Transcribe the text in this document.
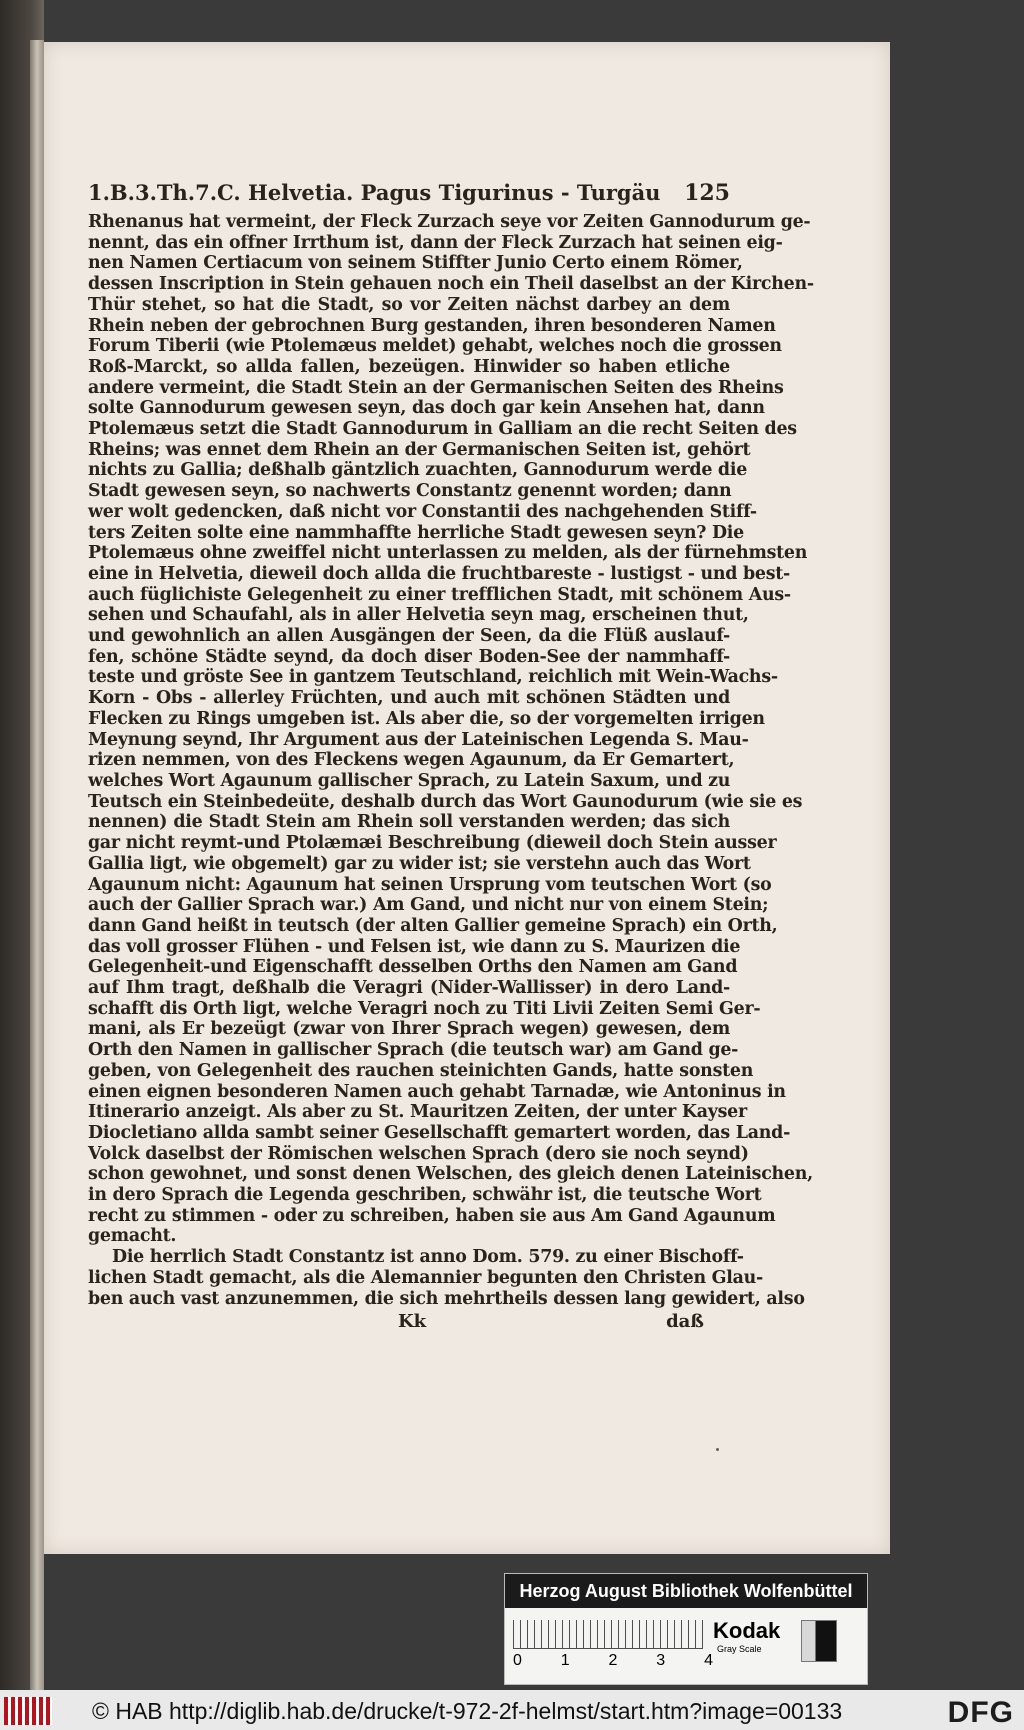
1.B.3.Th.7.C. Helvetia. Pagus Tigurinus - Turgäu 125
Rhenanus hat vermeint, der Fleck Zurzach seye vor Zeiten Gannodurum ge-
nennt, das ein offner Irrthum ist, dann der Fleck Zurzach hat seinen eig-
nen Namen Certiacum von seinem Stiffter Junio Certo einem Römer,
dessen Inscription in Stein gehauen noch ein Theil daselbst an der Kirchen-
Thür stehet, so hat die Stadt, so vor Zeiten nächst darbey an dem
Rhein neben der gebrochnen Burg gestanden, ihren besonderen Namen
Forum Tiberii (wie Ptolemæus meldet) gehabt, welches noch die grossen
Roß-Marckt, so allda fallen, bezeügen. Hinwider so haben etliche
andere vermeint, die Stadt Stein an der Germanischen Seiten des Rheins
solte Gannodurum gewesen seyn, das doch gar kein Ansehen hat, dann
Ptolemæus setzt die Stadt Gannodurum in Galliam an die recht Seiten des
Rheins; was ennet dem Rhein an der Germanischen Seiten ist, gehört
nichts zu Gallia; deßhalb gäntzlich zuachten, Gannodurum werde die
Stadt gewesen seyn, so nachwerts Constantz genennt worden; dann
wer wolt gedencken, daß nicht vor Constantii des nachgehenden Stiff-
ters Zeiten solte eine nammhaffte herrliche Stadt gewesen seyn? Die
Ptolemæus ohne zweiffel nicht unterlassen zu melden, als der fürnehmsten
eine in Helvetia, dieweil doch allda die fruchtbareste - lustigst - und best-
auch füglichiste Gelegenheit zu einer trefflichen Stadt, mit schönem Aus-
sehen und Schaufahl, als in aller Helvetia seyn mag, erscheinen thut,
und gewohnlich an allen Ausgängen der Seen, da die Flüß auslauf-
fen, schöne Städte seynd, da doch diser Boden-See der nammhaff-
teste und gröste See in gantzem Teutschland, reichlich mit Wein-Wachs-
Korn - Obs - allerley Früchten, und auch mit schönen Städten und
Flecken zu Rings umgeben ist. Als aber die, so der vorgemelten irrigen
Meynung seynd, Ihr Argument aus der Lateinischen Legenda S. Mau-
rizen nemmen, von des Fleckens wegen Agaunum, da Er Gemartert,
welches Wort Agaunum gallischer Sprach, zu Latein Saxum, und zu
Teutsch ein Steinbedeüte, deshalb durch das Wort Gaunodurum (wie sie es
nennen) die Stadt Stein am Rhein soll verstanden werden; das sich
gar nicht reymt-und Ptolæmæi Beschreibung (dieweil doch Stein ausser
Gallia ligt, wie obgemelt) gar zu wider ist; sie verstehn auch das Wort
Agaunum nicht: Agaunum hat seinen Ursprung vom teutschen Wort (so
auch der Gallier Sprach war.) Am Gand, und nicht nur von einem Stein;
dann Gand heißt in teutsch (der alten Gallier gemeine Sprach) ein Orth,
das voll grosser Flühen - und Felsen ist, wie dann zu S. Maurizen die
Gelegenheit-und Eigenschafft desselben Orths den Namen am Gand
auf Ihm tragt, deßhalb die Veragri (Nider-Wallisser) in dero Land-
schafft dis Orth ligt, welche Veragri noch zu Titi Livii Zeiten Semi Ger-
mani, als Er bezeügt (zwar von Ihrer Sprach wegen) gewesen, dem
Orth den Namen in gallischer Sprach (die teutsch war) am Gand ge-
geben, von Gelegenheit des rauchen steinichten Gands, hatte sonsten
einen eignen besonderen Namen auch gehabt Tarnadæ, wie Antoninus in
Itinerario anzeigt. Als aber zu St. Mauritzen Zeiten, der unter Kayser
Diocletiano allda sambt seiner Gesellschafft gemartert worden, das Land-
Volck daselbst der Römischen welschen Sprach (dero sie noch seynd)
schon gewohnet, und sonst denen Welschen, des gleich denen Lateinischen,
in dero Sprach die Legenda geschriben, schwähr ist, die teutsche Wort
recht zu stimmen - oder zu schreiben, haben sie aus Am Gand Agaunum
gemacht.
Die herrlich Stadt Constantz ist anno Dom. 579. zu einer Bischoff-
lichen Stadt gemacht, als die Alemannier begunten den Christen Glau-
ben auch vast anzunemmen, die sich mehrtheils dessen lang gewidert, also
Kk	daß
Herzog August Bibliothek Wolfenbüttel
0 1 2 3 4
Kodak
Gray Scale
© HAB http://diglib.hab.de/drucke/t-972-2f-helmst/start.htm?image=00133	DFG
